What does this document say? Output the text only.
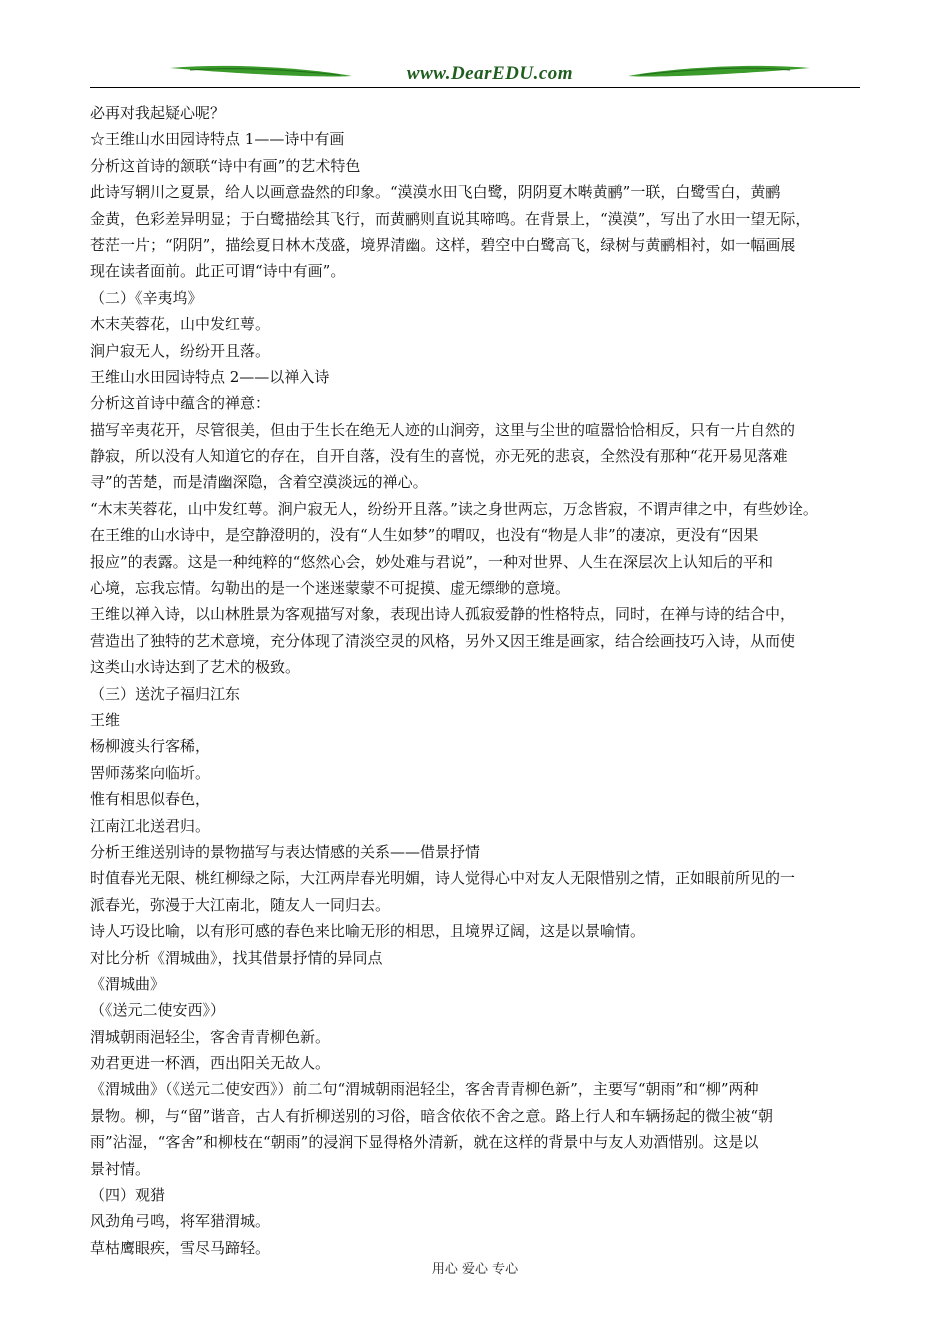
www.DearEDU.com
必再对我起疑心呢？
☆王维山水田园诗特点 1——诗中有画
分析这首诗的颔联“诗中有画”的艺术特色
此诗写辋川之夏景，给人以画意盎然的印象。“漠漠水田飞白鹭，阴阴夏木啭黄鹂”一联，白鹭雪白，黄鹂
金黄，色彩差异明显；于白鹭描绘其飞行，而黄鹂则直说其啼鸣。在背景上，“漠漠”，写出了水田一望无际，
苍茫一片；“阴阴”，描绘夏日林木茂盛，境界清幽。这样，碧空中白鹭高飞，绿树与黄鹂相衬，如一幅画展
现在读者面前。此正可谓“诗中有画”。
（二）《辛夷坞》
木末芙蓉花，山中发红萼。
涧户寂无人，纷纷开且落。
王维山水田园诗特点 2——以禅入诗
分析这首诗中蕴含的禅意：
描写辛夷花开，尽管很美，但由于生长在绝无人迹的山涧旁，这里与尘世的喧嚣恰恰相反，只有一片自然的
静寂，所以没有人知道它的存在，自开自落，没有生的喜悦，亦无死的悲哀，全然没有那种“花开易见落难
寻”的苦楚，而是清幽深隐，含着空漠淡远的禅心。
“木末芙蓉花，山中发红萼。涧户寂无人，纷纷开且落。”读之身世两忘，万念皆寂，不谓声律之中，有些妙诠。
在王维的山水诗中，是空静澄明的，没有“人生如梦”的喟叹，也没有“物是人非”的凄凉，更没有“因果
报应”的表露。这是一种纯粹的“悠然心会，妙处难与君说”，一种对世界、人生在深层次上认知后的平和
心境，忘我忘情。勾勒出的是一个迷迷蒙蒙不可捉摸、虚无缥缈的意境。
王维以禅入诗，以山林胜景为客观描写对象，表现出诗人孤寂爱静的性格特点，同时，在禅与诗的结合中，
营造出了独特的艺术意境，充分体现了清淡空灵的风格，另外又因王维是画家，结合绘画技巧入诗，从而使
这类山水诗达到了艺术的极致。
（三）送沈子福归江东
王维
杨柳渡头行客稀，
罟师荡桨向临圻。
惟有相思似春色，
江南江北送君归。
分析王维送别诗的景物描写与表达情感的关系——借景抒情
时值春光无限、桃红柳绿之际，大江两岸春光明媚，诗人觉得心中对友人无限惜别之情，正如眼前所见的一
派春光，弥漫于大江南北，随友人一同归去。
诗人巧设比喻，以有形可感的春色来比喻无形的相思，且境界辽阔，这是以景喻情。
对比分析《渭城曲》，找其借景抒情的异同点
《渭城曲》
（《送元二使安西》）
渭城朝雨浥轻尘，客舍青青柳色新。
劝君更进一杯酒，西出阳关无故人。
《渭城曲》（《送元二使安西》）前二句“渭城朝雨浥轻尘，客舍青青柳色新”，主要写“朝雨”和“柳”两种
景物。柳，与“留”谐音，古人有折柳送别的习俗，暗含依依不舍之意。路上行人和车辆扬起的微尘被“朝
雨”沾湿，“客舍”和柳枝在“朝雨”的浸润下显得格外清新，就在这样的背景中与友人劝酒惜别。这是以
景衬情。
（四）观猎
风劲角弓鸣，将军猎渭城。
草枯鹰眼疾，雪尽马蹄轻。
用心 爱心 专心
